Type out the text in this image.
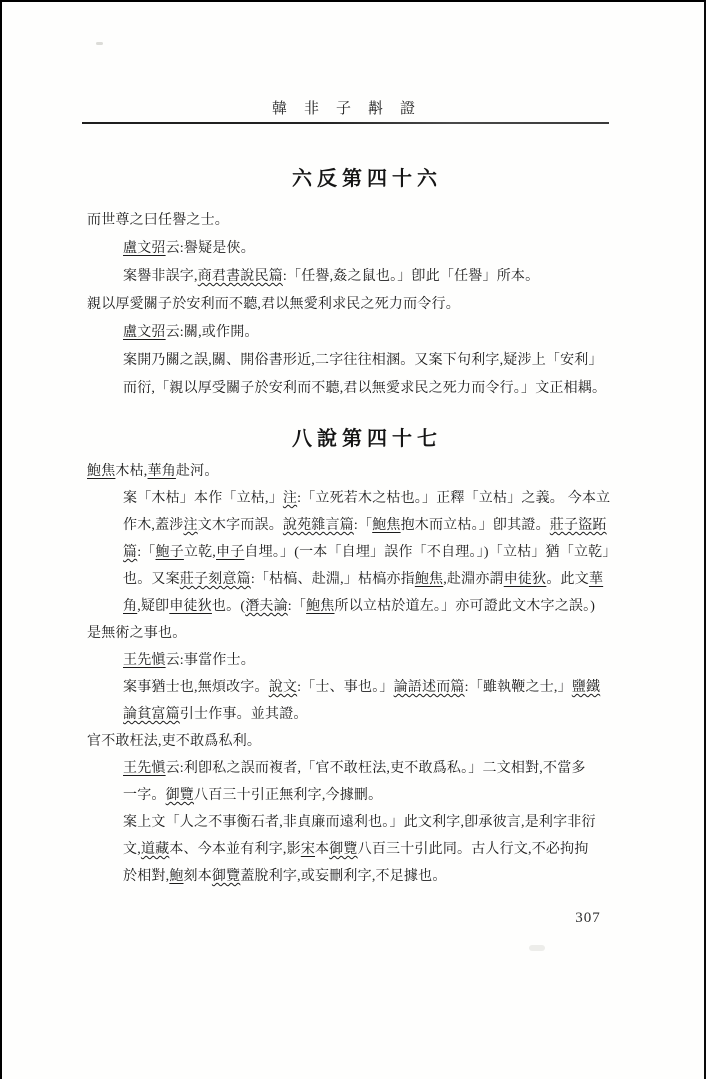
韓非子斠證
六反第四十六
而世尊之曰任譽之士。
盧文弨云:譽疑是俠。
案譽非誤字,商君書說民篇:「任譽,姦之鼠也。」卽此「任譽」所本。
親以厚愛關子於安利而不聽,君以無愛利求民之死力而令行。
盧文弨云:關,或作開。
案開乃關之誤,關、開俗書形近,二字往往相溷。又案下句利字,疑涉上「安利」
而衍,「親以厚受關子於安利而不聽,君以無愛求民之死力而令行。」文正相耦。
八說第四十七
鮑焦木枯,華角赴河。
案「木枯」本作「立枯,」注:「立死若木之枯也。」正釋「立枯」之義。 今本立
作木,蓋涉注文木字而誤。說苑雜言篇:「鮑焦抱木而立枯。」卽其證。莊子盜跖
篇:「鮑子立乾,申子自埋。」(一本「自埋」誤作「不自理。」)「立枯」猶「立乾」
也。又案莊子刻意篇:「枯槁、赴淵,」枯槁亦指鮑焦,赴淵亦謂申徒狄。此文華
角,疑卽申徒狄也。(潛夫論:「鮑焦所以立枯於道左。」亦可證此文木字之誤。)
是無術之事也。
王先愼云:事當作士。
案事猶士也,無煩改字。說文:「士、事也。」論語述而篇:「雖執鞭之士,」鹽鐵
論貧富篇引士作事。並其證。
官不敢枉法,吏不敢爲私利。
王先愼云:利卽私之誤而複者,「官不敢枉法,吏不敢爲私。」二文相對,不當多
一字。御覽八百三十引正無利字,今據刪。
案上文「人之不事衡石者,非貞廉而遠利也。」此文利字,卽承彼言,是利字非衍
文,道藏本、今本並有利字,影宋本御覽八百三十引此同。古人行文,不必拘拘
於相對,鮑刻本御覽蓋脫利字,或妄刪利字,不足據也。
307
